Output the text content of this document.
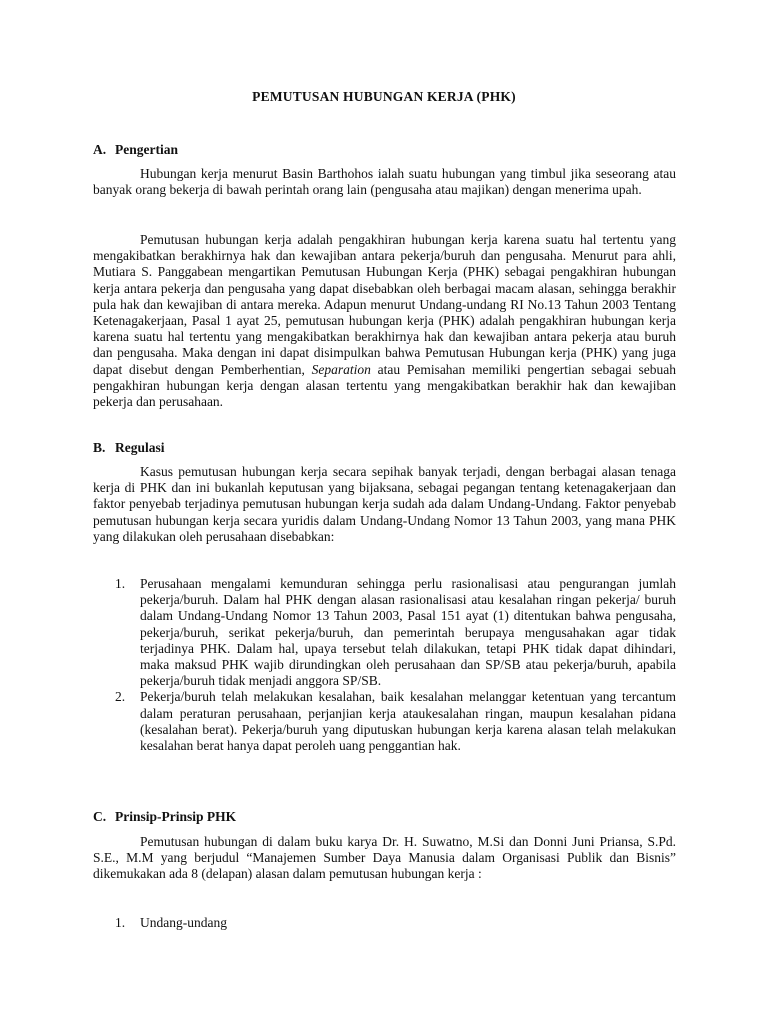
PEMUTUSAN HUBUNGAN KERJA (PHK)
A. Pengertian

Hubungan kerja menurut Basin Barthohos ialah suatu hubungan yang timbul jika seseorang atau banyak orang bekerja di bawah perintah orang lain (pengusaha atau majikan) dengan menerima upah.

Pemutusan hubungan kerja adalah pengakhiran hubungan kerja karena suatu hal tertentu yang mengakibatkan berakhirnya hak dan kewajiban antara pekerja/buruh dan pengusaha. Menurut para ahli, Mutiara S. Panggabean mengartikan Pemutusan Hubungan Kerja (PHK) sebagai pengakhiran hubungan kerja antara pekerja dan pengusaha yang dapat disebabkan oleh berbagai macam alasan, sehingga berakhir pula hak dan kewajiban di antara mereka. Adapun menurut Undang-undang RI No.13 Tahun 2003 Tentang Ketenagakerjaan, Pasal 1 ayat 25, pemutusan hubungan kerja (PHK) adalah pengakhiran hubungan kerja karena suatu hal tertentu yang mengakibatkan berakhirnya hak dan kewajiban antara pekerja atau buruh dan pengusaha. Maka dengan ini dapat disimpulkan bahwa Pemutusan Hubungan kerja (PHK) yang juga dapat disebut dengan Pemberhentian, Separation atau Pemisahan memiliki pengertian sebagai sebuah pengakhiran hubungan kerja dengan alasan tertentu yang mengakibatkan berakhir hak dan kewajiban pekerja dan perusahaan.

B. Regulasi

Kasus pemutusan hubungan kerja secara sepihak banyak terjadi, dengan berbagai alasan tenaga kerja di PHK dan ini bukanlah keputusan yang bijaksana, sebagai pegangan tentang ketenagakerjaan dan faktor penyebab terjadinya pemutusan hubungan kerja sudah ada dalam Undang-Undang. Faktor penyebab pemutusan hubungan kerja secara yuridis dalam Undang-Undang Nomor 13 Tahun 2003, yang mana PHK yang dilakukan oleh perusahaan disebabkan:

1. Perusahaan mengalami kemunduran sehingga perlu rasionalisasi atau pengurangan jumlah pekerja/buruh. Dalam hal PHK dengan alasan rasionalisasi atau kesalahan ringan pekerja/ buruh dalam Undang-Undang Nomor 13 Tahun 2003, Pasal 151 ayat (1) ditentukan bahwa pengusaha, pekerja/buruh, serikat pekerja/buruh, dan pemerintah berupaya mengusahakan agar tidak terjadinya PHK. Dalam hal, upaya tersebut telah dilakukan, tetapi PHK tidak dapat dihindari, maka maksud PHK wajib dirundingkan oleh perusahaan dan SP/SB atau pekerja/buruh, apabila pekerja/buruh tidak menjadi anggora SP/SB.
2. Pekerja/buruh telah melakukan kesalahan, baik kesalahan melanggar ketentuan yang tercantum dalam peraturan perusahaan, perjanjian kerja ataukesalahan ringan, maupun kesalahan pidana (kesalahan berat). Pekerja/buruh yang diputuskan hubungan kerja karena alasan telah melakukan kesalahan berat hanya dapat peroleh uang penggantian hak.
C. Prinsip-Prinsip PHK

Pemutusan hubungan di dalam buku karya Dr. H. Suwatno, M.Si dan Donni Juni Priansa, S.Pd. S.E., M.M yang berjudul “Manajemen Sumber Daya Manusia dalam Organisasi Publik dan Bisnis” dikemukakan ada 8 (delapan) alasan dalam pemutusan hubungan kerja :

1. Undang-undang
